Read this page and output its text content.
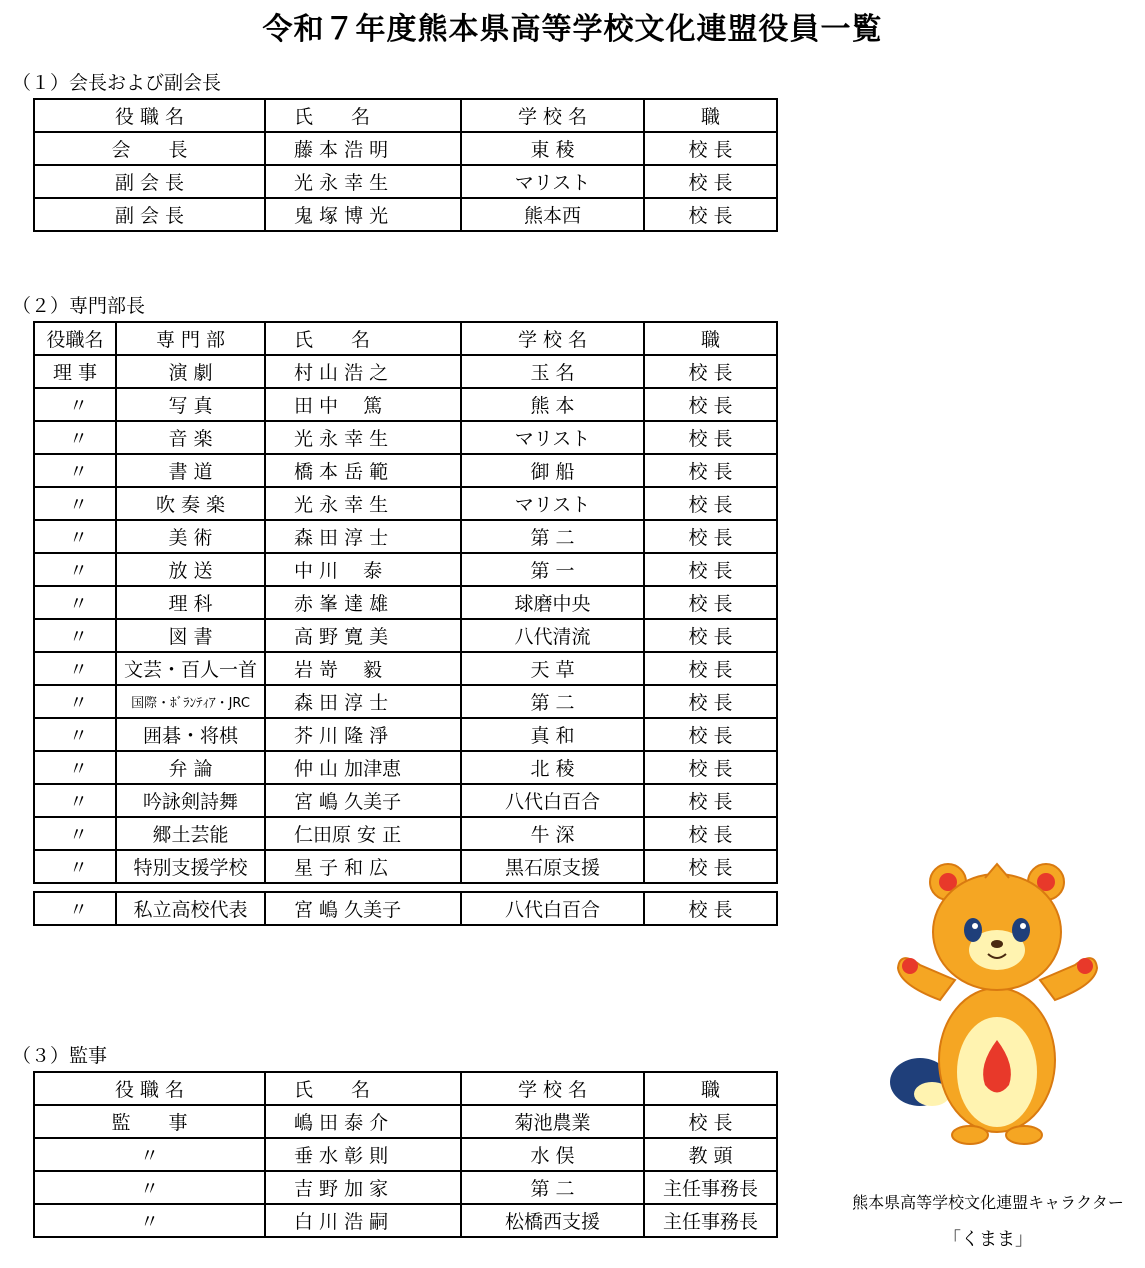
令和７年度熊本県高等学校文化連盟役員一覧
（１）会長および副会長
役 職 名	氏　　名	学 校 名	職
会　　長	藤 本 浩 明	東 稜	校 長
副 会 長	光 永 幸 生	マリスト	校 長
副 会 長	鬼 塚 博 光	熊本西	校 長
（２）専門部長
役職名	専 門 部	氏　　名	学 校 名	職
理 事	演 劇	村 山 浩 之	玉 名	校 長
〃	写 真	田 中　 篤	熊 本	校 長
〃	音 楽	光 永 幸 生	マリスト	校 長
〃	書 道	橋 本 岳 範	御 船	校 長
〃	吹 奏 楽	光 永 幸 生	マリスト	校 長
〃	美 術	森 田 淳 士	第 二	校 長
〃	放 送	中 川　 泰	第 一	校 長
〃	理 科	赤 峯 達 雄	球磨中央	校 長
〃	図 書	高 野 寛 美	八代清流	校 長
〃	文芸・百人一首	岩 嵜　 毅	天 草	校 長
〃	国際・ﾎﾞﾗﾝﾃｨｱ・JRC	森 田 淳 士	第 二	校 長
〃	囲碁・将棋	芥 川 隆 淨	真 和	校 長
〃	弁 論	仲 山 加津恵	北 稜	校 長
〃	吟詠剣詩舞	宮 嶋 久美子	八代白百合	校 長
〃	郷土芸能	仁田原 安 正	牛 深	校 長
〃	特別支援学校	星 子 和 広	黒石原支援	校 長

〃	私立高校代表	宮 嶋 久美子	八代白百合	校 長
（３）監事
役 職 名	氏　　名	学 校 名	職
監　　事	嶋 田 泰 介	菊池農業	校 長
〃	垂 水 彰 則	水 俣	教 頭
〃	吉 野 加 家	第 二	主任事務長
〃	白 川 浩 嗣	松橋西支援	主任事務長
熊本県高等学校文化連盟キャラクター
「くまま」
